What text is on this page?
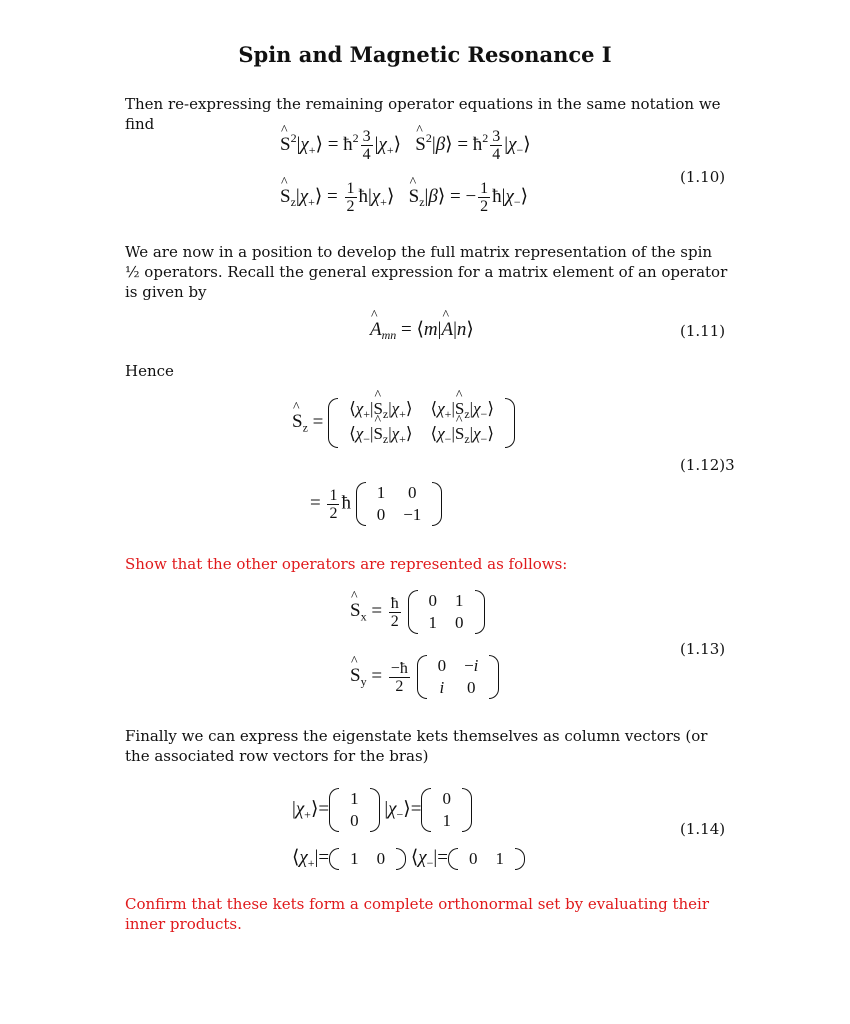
Spin and Magnetic Resonance I
Then re-expressing the remaining operator equations in the same notation we find
^ $S^2|\chi_+⟩$ = $ħ^2 \frac{3}{4}$ $|\chi_+⟩$   ^ $S^2|\beta⟩$ = $ħ^2 \frac{3}{4}$ $|\chi_-⟩$
^ $S_z|\chi_+⟩ = \frac{1}{2}$ $ħ|\chi_+⟩$   ^ $S_z|\beta⟩$ = − $\frac{1}{2}$ $ħ|\chi_-⟩$
(1.10)
We are now in a position to develop the full matrix representation of the spin ½ operators. Recall the general expression for a matrix element of an operator is given by
^ $A_{mn}$ = ⟨m|^ A|n⟩	(1.11)
Hence
^ $S_z$ =
$⟨\chi_+|\^{}$ $S_z|\chi_+⟩$	$⟨\chi_+|\^{}$ $S_z|\chi_-⟩$
$⟨\chi_-|\^{}$ $S_z|\chi_+⟩$	$⟨\chi_-|\^{}$ $S_z|\chi_-⟩$
= $\frac{1}{2}$ ħ 1	0
0	−1
(1.12)3
Show that the other operators are represented as follows:
^ $S_x = \frac{ħ}{2}$
0	1
1	0
^ $S_y = \frac{-ħ}{2}$
0	−i
i	0
(1.13)
Finally we can express the eigenstate kets themselves as column vectors (or the associated row vectors for the bras)
$|\chi_+⟩= 1$
0
$|\chi_-⟩= 0$
1
$⟨\chi_+|= 1$	0 $⟨\chi_-|= 0$	1
(1.14)
Confirm that these kets form a complete orthonormal set by evaluating their inner products.
